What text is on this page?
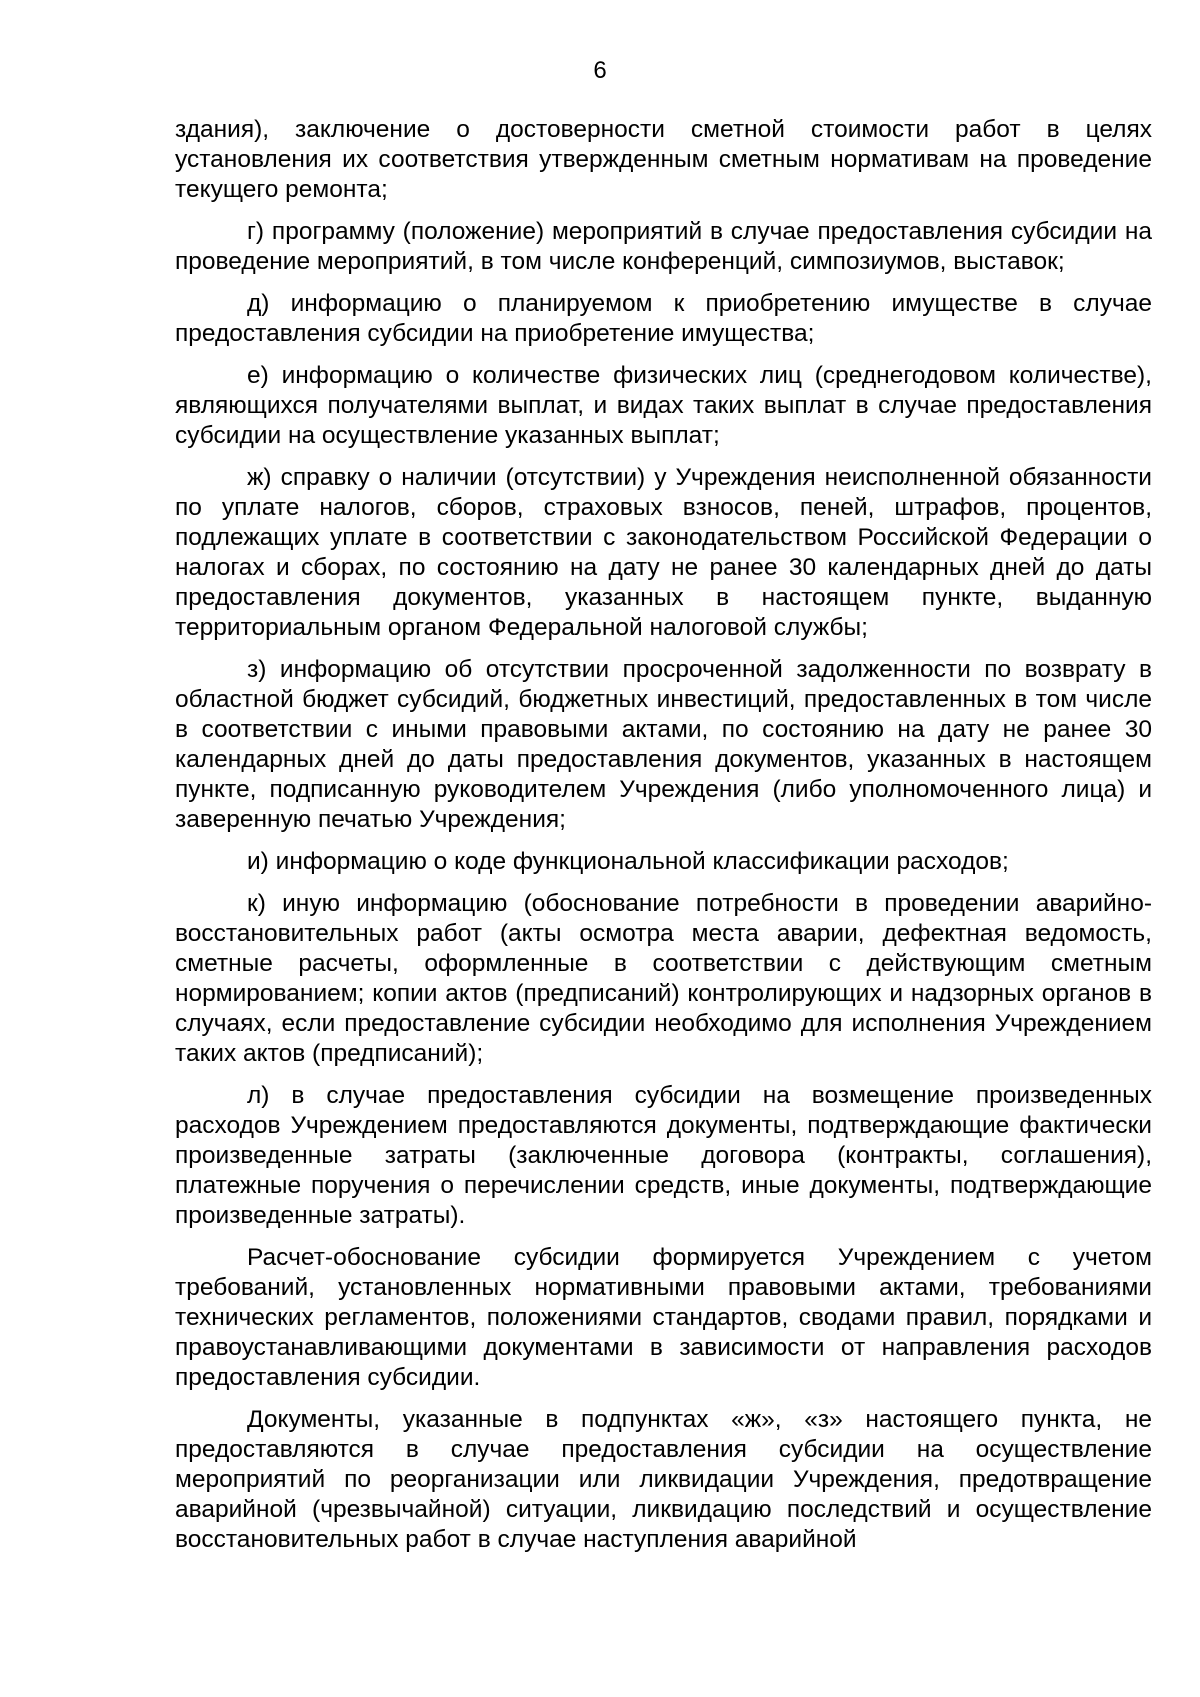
6

здания), заключение о достоверности сметной стоимости работ в целях установления их соответствия утвержденным сметным нормативам на проведение текущего ремонта;

г) программу (положение) мероприятий в случае предоставления субсидии на проведение мероприятий, в том числе конференций, симпозиумов, выставок;

д) информацию о планируемом к приобретению имуществе в случае предоставления субсидии на приобретение имущества;

е) информацию о количестве физических лиц (среднегодовом количестве), являющихся получателями выплат, и видах таких выплат в случае предоставления субсидии на осуществление указанных выплат;

ж) справку о наличии (отсутствии) у Учреждения неисполненной обязанности по уплате налогов, сборов, страховых взносов, пеней, штрафов, процентов, подлежащих уплате в соответствии с законодательством Российской Федерации о налогах и сборах, по состоянию на дату не ранее 30 календарных дней до даты предоставления документов, указанных в настоящем пункте, выданную территориальным органом Федеральной налоговой службы;

з) информацию об отсутствии просроченной задолженности по возврату в областной бюджет субсидий, бюджетных инвестиций, предоставленных в том числе в соответствии с иными правовыми актами, по состоянию на дату не ранее 30 календарных дней до даты предоставления документов, указанных в настоящем пункте, подписанную руководителем Учреждения (либо уполномоченного лица) и заверенную печатью Учреждения;

и) информацию о коде функциональной классификации расходов;

к) иную информацию (обоснование потребности в проведении аварийно-восстановительных работ (акты осмотра места аварии, дефектная ведомость, сметные расчеты, оформленные в соответствии с действующим сметным нормированием; копии актов (предписаний) контролирующих и надзорных органов в случаях, если предоставление субсидии необходимо для исполнения Учреждением таких актов (предписаний);

л) в случае предоставления субсидии на возмещение произведенных расходов Учреждением предоставляются документы, подтверждающие фактически произведенные затраты (заключенные договора (контракты, соглашения), платежные поручения о перечислении средств, иные документы, подтверждающие произведенные затраты).

Расчет-обоснование субсидии формируется Учреждением с учетом требований, установленных нормативными правовыми актами, требованиями технических регламентов, положениями стандартов, сводами правил, порядками и правоустанавливающими документами в зависимости от направления расходов предоставления субсидии.

Документы, указанные в подпунктах «ж», «з» настоящего пункта, не предоставляются в случае предоставления субсидии на осуществление мероприятий по реорганизации или ликвидации Учреждения, предотвращение аварийной (чрезвычайной) ситуации, ликвидацию последствий и осуществление восстановительных работ в случае наступления аварийной
